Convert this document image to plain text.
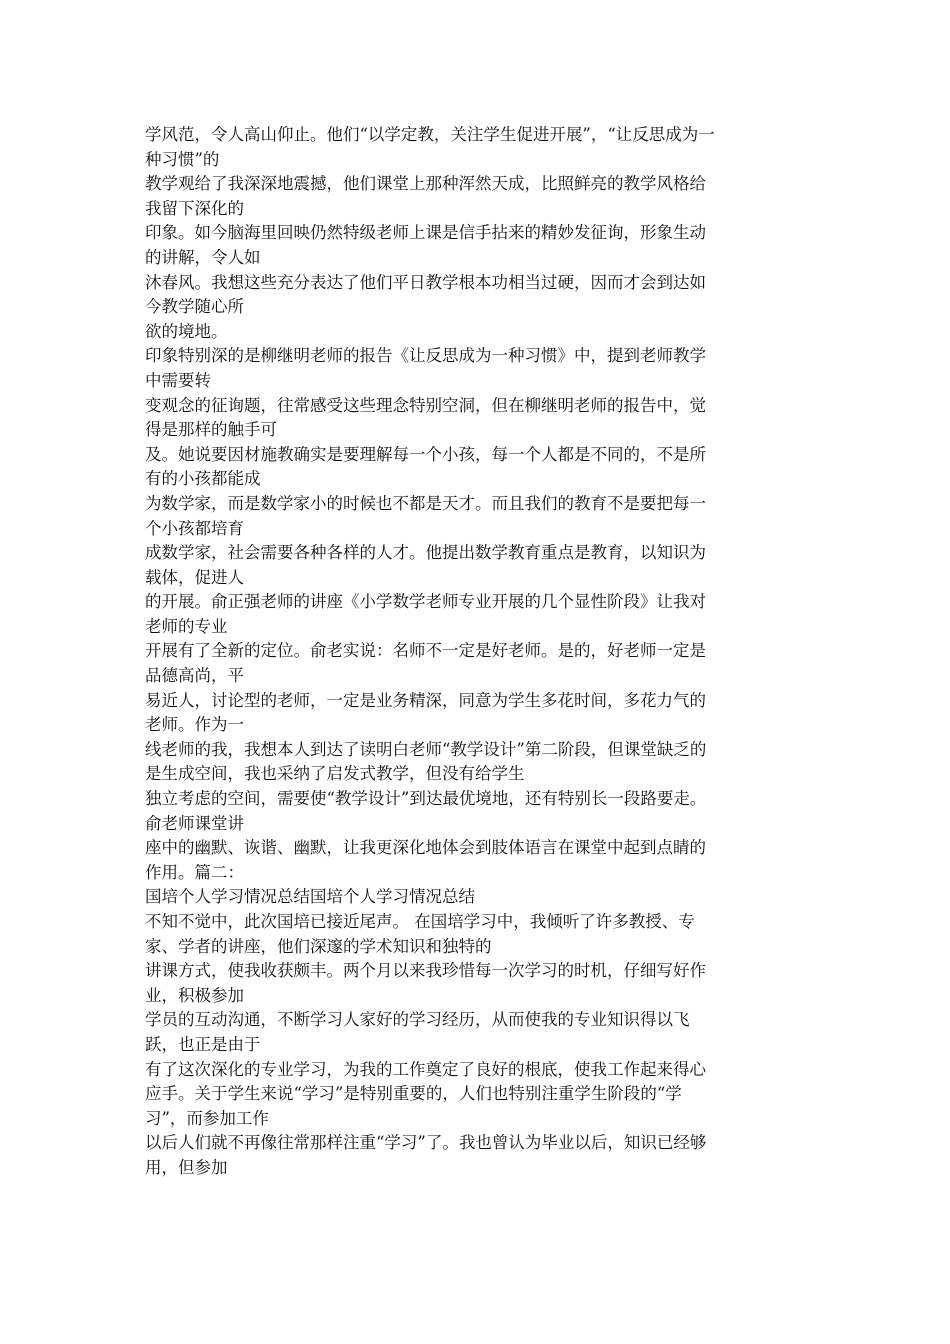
学风范，令人高山仰止。他们“以学定教，关注学生促进开展”，“让反思成为一
种习惯”的
教学观给了我深深地震撼，他们课堂上那种浑然天成，比照鲜亮的教学风格给
我留下深化的
印象。如今脑海里回映仍然特级老师上课是信手拈来的精妙发征询，形象生动
的讲解，令人如
沐春风。我想这些充分表达了他们平日教学根本功相当过硬，因而才会到达如
今教学随心所
欲的境地。
印象特别深的是柳继明老师的报告《让反思成为一种习惯》中，提到老师教学
中需要转
变观念的征询题，往常感受这些理念特别空洞，但在柳继明老师的报告中，觉
得是那样的触手可
及。她说要因材施教确实是要理解每一个小孩，每一个人都是不同的，不是所
有的小孩都能成
为数学家，而是数学家小的时候也不都是天才。而且我们的教育不是要把每一
个小孩都培育
成数学家，社会需要各种各样的人才。他提出数学教育重点是教育，以知识为
载体，促进人
的开展。俞正强老师的讲座《小学数学老师专业开展的几个显性阶段》让我对
老师的专业
开展有了全新的定位。俞老实说：名师不一定是好老师。是的，好老师一定是
品德高尚，平
易近人，讨论型的老师，一定是业务精深，同意为学生多花时间，多花力气的
老师。作为一
线老师的我，我想本人到达了读明白老师“教学设计”第二阶段，但课堂缺乏的
是生成空间，我也采纳了启发式教学，但没有给学生
独立考虑的空间，需要使“教学设计”到达最优境地，还有特别长一段路要走。
俞老师课堂讲
座中的幽默、诙谐、幽默，让我更深化地体会到肢体语言在课堂中起到点睛的
作用。篇二：
国培个人学习情况总结国培个人学习情况总结
不知不觉中，此次国培已接近尾声。 在国培学习中，我倾听了许多教授、专
家、学者的讲座，他们深邃的学术知识和独特的
讲课方式，使我收获颇丰。两个月以来我珍惜每一次学习的时机，仔细写好作
业，积极参加
学员的互动沟通，不断学习人家好的学习经历，从而使我的专业知识得以飞
跃，也正是由于
有了这次深化的专业学习，为我的工作奠定了良好的根底，使我工作起来得心
应手。关于学生来说“学习”是特别重要的，人们也特别注重学生阶段的“学
习”，而参加工作
以后人们就不再像往常那样注重“学习”了。我也曾认为毕业以后，知识已经够
用，但参加
